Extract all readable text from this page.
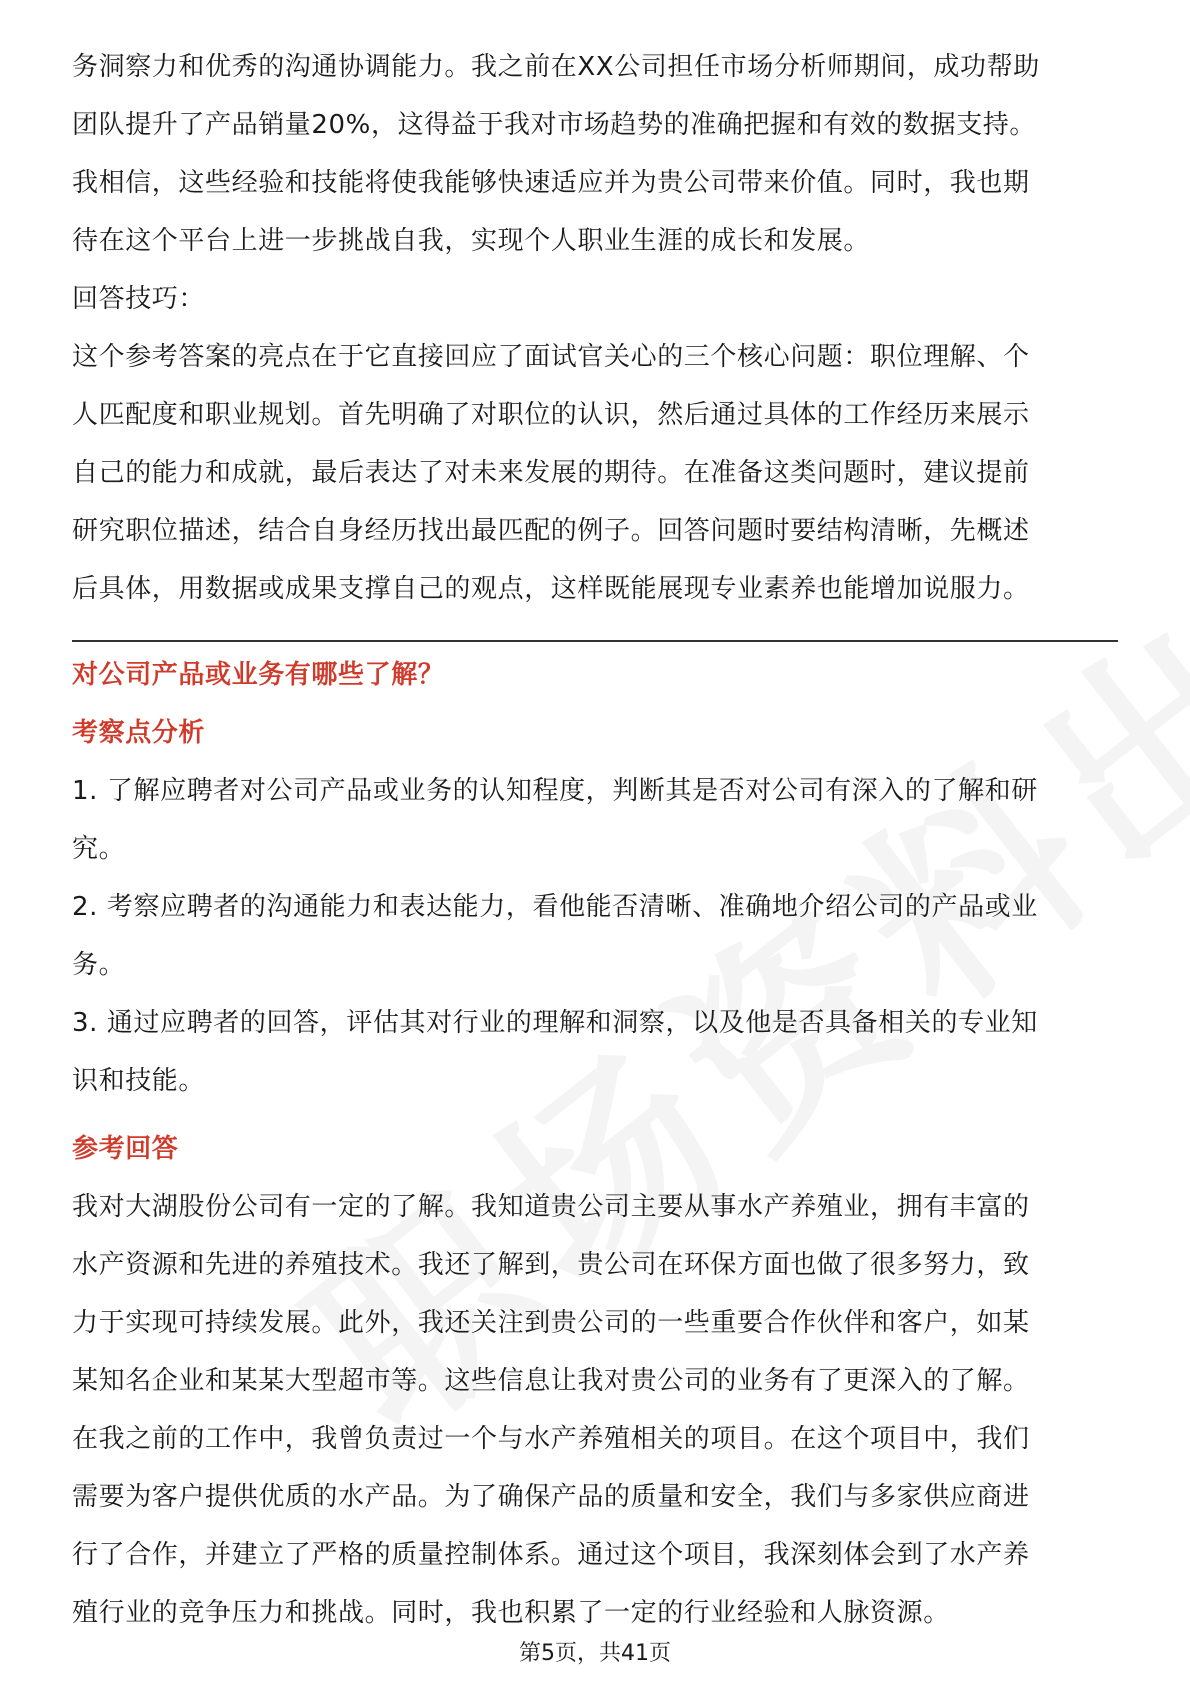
务洞察力和优秀的沟通协调能力。我之前在XX公司担任市场分析师期间，成功帮助
团队提升了产品销量20%，这得益于我对市场趋势的准确把握和有效的数据支持。
我相信，这些经验和技能将使我能够快速适应并为贵公司带来价值。同时，我也期
待在这个平台上进一步挑战自我，实现个人职业生涯的成长和发展。

回答技巧：

这个参考答案的亮点在于它直接回应了面试官关心的三个核心问题：职位理解、个
人匹配度和职业规划。首先明确了对职位的认识，然后通过具体的工作经历来展示
自己的能力和成就，最后表达了对未来发展的期待。在准备这类问题时，建议提前
研究职位描述，结合自身经历找出最匹配的例子。回答问题时要结构清晰，先概述
后具体，用数据或成果支撑自己的观点，这样既能展现专业素养也能增加说服力。

对公司产品或业务有哪些了解？

考察点分析

1. 了解应聘者对公司产品或业务的认知程度，判断其是否对公司有深入的了解和研
究。
2. 考察应聘者的沟通能力和表达能力，看他能否清晰、准确地介绍公司的产品或业
务。
3. 通过应聘者的回答，评估其对行业的理解和洞察，以及他是否具备相关的专业知
识和技能。

参考回答

我对大湖股份公司有一定的了解。我知道贵公司主要从事水产养殖业，拥有丰富的
水产资源和先进的养殖技术。我还了解到，贵公司在环保方面也做了很多努力，致
力于实现可持续发展。此外，我还关注到贵公司的一些重要合作伙伴和客户，如某
某知名企业和某某大型超市等。这些信息让我对贵公司的业务有了更深入的了解。
在我之前的工作中，我曾负责过一个与水产养殖相关的项目。在这个项目中，我们
需要为客户提供优质的水产品。为了确保产品的质量和安全，我们与多家供应商进
行了合作，并建立了严格的质量控制体系。通过这个项目，我深刻体会到了水产养
殖行业的竞争压力和挑战。同时，我也积累了一定的行业经验和人脉资源。

第5页，共41页
